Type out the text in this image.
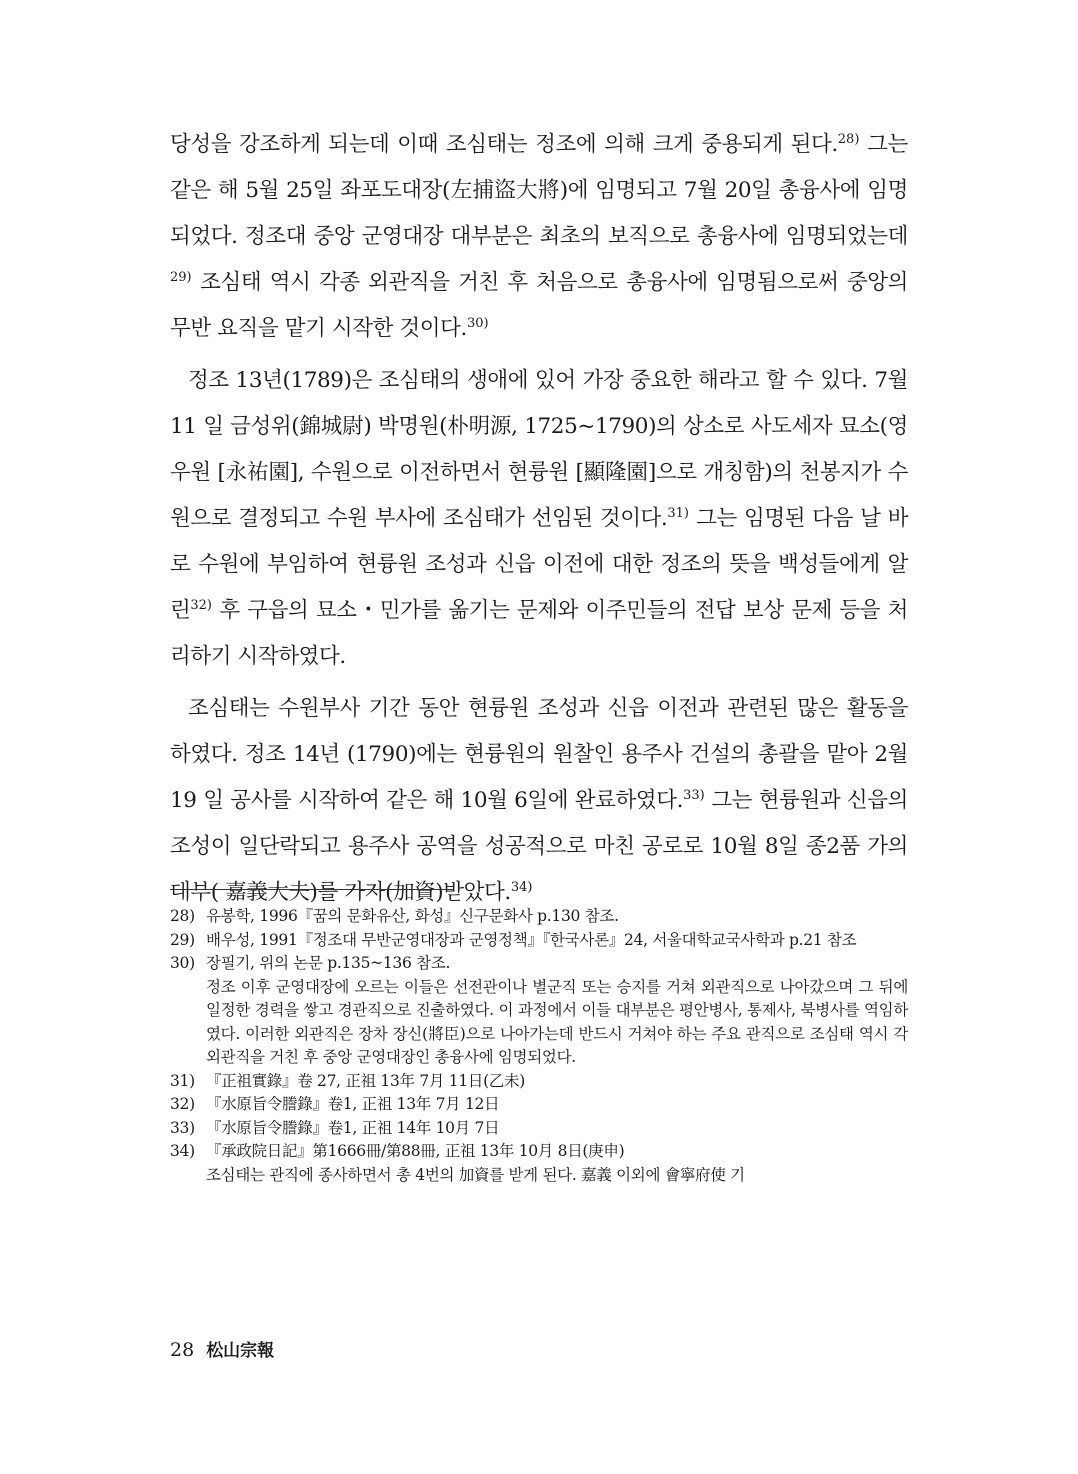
당성을 강조하게 되는데 이때 조심태는 정조에 의해 크게 중용되게 된다.$^{28)}$ 그는 같은 해 5월 25일 좌포도대장(左捕盜大將)에 임명되고 7월 20일 총융사에 임명되었다. 정조대 중앙 군영대장 대부분은 최초의 보직으로 총융사에 임명되었는데$^{29)}$ 조심태 역시 각종 외관직을 거친 후 처음으로 총융사에 임명됨으로써 중앙의 무반 요직을 맡기 시작한 것이다.$^{30)}$

정조 13년(1789)은 조심태의 생애에 있어 가장 중요한 해라고 할 수 있다. 7월 11 일 금성위(錦城尉) 박명원(朴明源, 1725~1790)의 상소로 사도세자 묘소(영우원 [永祐園], 수원으로 이전하면서 현륭원 [顯隆園]으로 개칭함)의 천봉지가 수원으로 결정되고 수원 부사에 조심태가 선임된 것이다.$^{31)}$ 그는 임명된 다음 날 바로 수원에 부임하여 현륭원 조성과 신읍 이전에 대한 정조의 뜻을 백성들에게 알린$^{32)}$ 후 구읍의 묘소・민가를 옮기는 문제와 이주민들의 전답 보상 문제 등을 처리하기 시작하였다.

조심태는 수원부사 기간 동안 현륭원 조성과 신읍 이전과 관련된 많은 활동을 하였다. 정조 14년 (1790)에는 현륭원의 원찰인 용주사 건설의 총괄을 맡아 2월 19 일 공사를 시작하여 같은 해 10월 6일에 완료하였다.$^{33)}$ 그는 현륭원과 신읍의 조성이 일단락되고 용주사 공역을 성공적으로 마친 공로로 10월 8일 종2품 가의대부( 嘉義大夫)를 가자(加資)받았다.$^{34)}$

28) 유봉학, 1996『꿈의 문화유산, 화성』신구문화사 p.130 참조.
29) 배우성, 1991『정조대 무반군영대장과 군영정책』『한국사론』24, 서울대학교국사학과 p.21 참조
30) 장필기, 위의 논문 p.135~136 참조.
정조 이후 군영대장에 오르는 이들은 선전관이나 별군직 또는 승지를 거쳐 외관직으로 나아갔으며 그 뒤에 일정한 경력을 쌓고 경관직으로 진출하였다. 이 과정에서 이들 대부분은 평안병사, 통제사, 북병사를 역임하였다. 이러한 외관직은 장차 장신(將臣)으로 나아가는데 반드시 거쳐야 하는 주요 관직으로 조심태 역시 각 외관직을 거친 후 중앙 군영대장인 총융사에 임명되었다.
31) 『正祖實錄』卷 27, 正祖 13年 7月 11日(乙未)
32) 『水原旨令謄錄』卷1, 正祖 13年 7月 12日
33) 『水原旨令謄錄』卷1, 正祖 14年 10月 7日
34) 『承政院日記』第1666冊/第88冊, 正祖 13年 10月 8日(庚申)
조심태는 관직에 종사하면서 총 4번의 加資를 받게 된다. 嘉義 이외에 會寧府使 기
28 松山宗報
